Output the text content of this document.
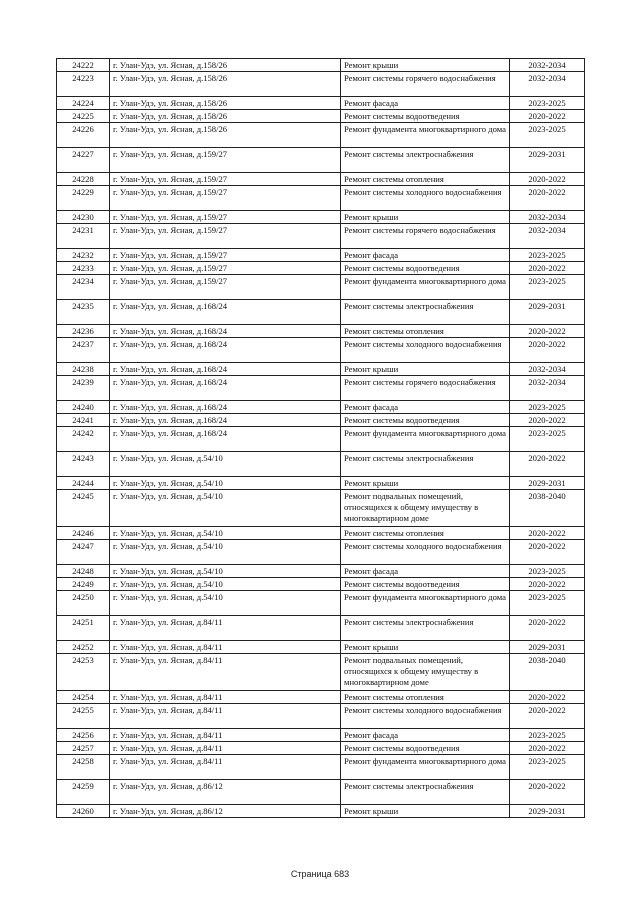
24222	г. Улан-Удэ, ул. Ясная, д.158/26	Ремонт крыши	2032-2034
24223	г. Улан-Удэ, ул. Ясная, д.158/26	Ремонт системы горячего водоснабжения	2032-2034
24224	г. Улан-Удэ, ул. Ясная, д.158/26	Ремонт фасада	2023-2025
24225	г. Улан-Удэ, ул. Ясная, д.158/26	Ремонт системы водоотведения	2020-2022
24226	г. Улан-Удэ, ул. Ясная, д.158/26	Ремонт фундамента многоквартирного дома	2023-2025
24227	г. Улан-Удэ, ул. Ясная, д.159/27	Ремонт системы электроснабжения	2029-2031
24228	г. Улан-Удэ, ул. Ясная, д.159/27	Ремонт системы отопления	2020-2022
24229	г. Улан-Удэ, ул. Ясная, д.159/27	Ремонт системы холодного водоснабжения	2020-2022
24230	г. Улан-Удэ, ул. Ясная, д.159/27	Ремонт крыши	2032-2034
24231	г. Улан-Удэ, ул. Ясная, д.159/27	Ремонт системы горячего водоснабжения	2032-2034
24232	г. Улан-Удэ, ул. Ясная, д.159/27	Ремонт фасада	2023-2025
24233	г. Улан-Удэ, ул. Ясная, д.159/27	Ремонт системы водоотведения	2020-2022
24234	г. Улан-Удэ, ул. Ясная, д.159/27	Ремонт фундамента многоквартирного дома	2023-2025
24235	г. Улан-Удэ, ул. Ясная, д.168/24	Ремонт системы электроснабжения	2029-2031
24236	г. Улан-Удэ, ул. Ясная, д.168/24	Ремонт системы отопления	2020-2022
24237	г. Улан-Удэ, ул. Ясная, д.168/24	Ремонт системы холодного водоснабжения	2020-2022
24238	г. Улан-Удэ, ул. Ясная, д.168/24	Ремонт крыши	2032-2034
24239	г. Улан-Удэ, ул. Ясная, д.168/24	Ремонт системы горячего водоснабжения	2032-2034
24240	г. Улан-Удэ, ул. Ясная, д.168/24	Ремонт фасада	2023-2025
24241	г. Улан-Удэ, ул. Ясная, д.168/24	Ремонт системы водоотведения	2020-2022
24242	г. Улан-Удэ, ул. Ясная, д.168/24	Ремонт фундамента многоквартирного дома	2023-2025
24243	г. Улан-Удэ, ул. Ясная, д.54/10	Ремонт системы электроснабжения	2020-2022
24244	г. Улан-Удэ, ул. Ясная, д.54/10	Ремонт крыши	2029-2031
24245	г. Улан-Удэ, ул. Ясная, д.54/10	Ремонт подвальных помещений, относящихся к общему имуществу в многоквартирном доме	2038-2040
24246	г. Улан-Удэ, ул. Ясная, д.54/10	Ремонт системы отопления	2020-2022
24247	г. Улан-Удэ, ул. Ясная, д.54/10	Ремонт системы холодного водоснабжения	2020-2022
24248	г. Улан-Удэ, ул. Ясная, д.54/10	Ремонт фасада	2023-2025
24249	г. Улан-Удэ, ул. Ясная, д.54/10	Ремонт системы водоотведения	2020-2022
24250	г. Улан-Удэ, ул. Ясная, д.54/10	Ремонт фундамента многоквартирного дома	2023-2025
24251	г. Улан-Удэ, ул. Ясная, д.84/11	Ремонт системы электроснабжения	2020-2022
24252	г. Улан-Удэ, ул. Ясная, д.84/11	Ремонт крыши	2029-2031
24253	г. Улан-Удэ, ул. Ясная, д.84/11	Ремонт подвальных помещений, относящихся к общему имуществу в многоквартирном доме	2038-2040
24254	г. Улан-Удэ, ул. Ясная, д.84/11	Ремонт системы отопления	2020-2022
24255	г. Улан-Удэ, ул. Ясная, д.84/11	Ремонт системы холодного водоснабжения	2020-2022
24256	г. Улан-Удэ, ул. Ясная, д.84/11	Ремонт фасада	2023-2025
24257	г. Улан-Удэ, ул. Ясная, д.84/11	Ремонт системы водоотведения	2020-2022
24258	г. Улан-Удэ, ул. Ясная, д.84/11	Ремонт фундамента многоквартирного дома	2023-2025
24259	г. Улан-Удэ, ул. Ясная, д.86/12	Ремонт системы электроснабжения	2020-2022
24260	г. Улан-Удэ, ул. Ясная, д.86/12	Ремонт крыши	2029-2031
Страница 683
